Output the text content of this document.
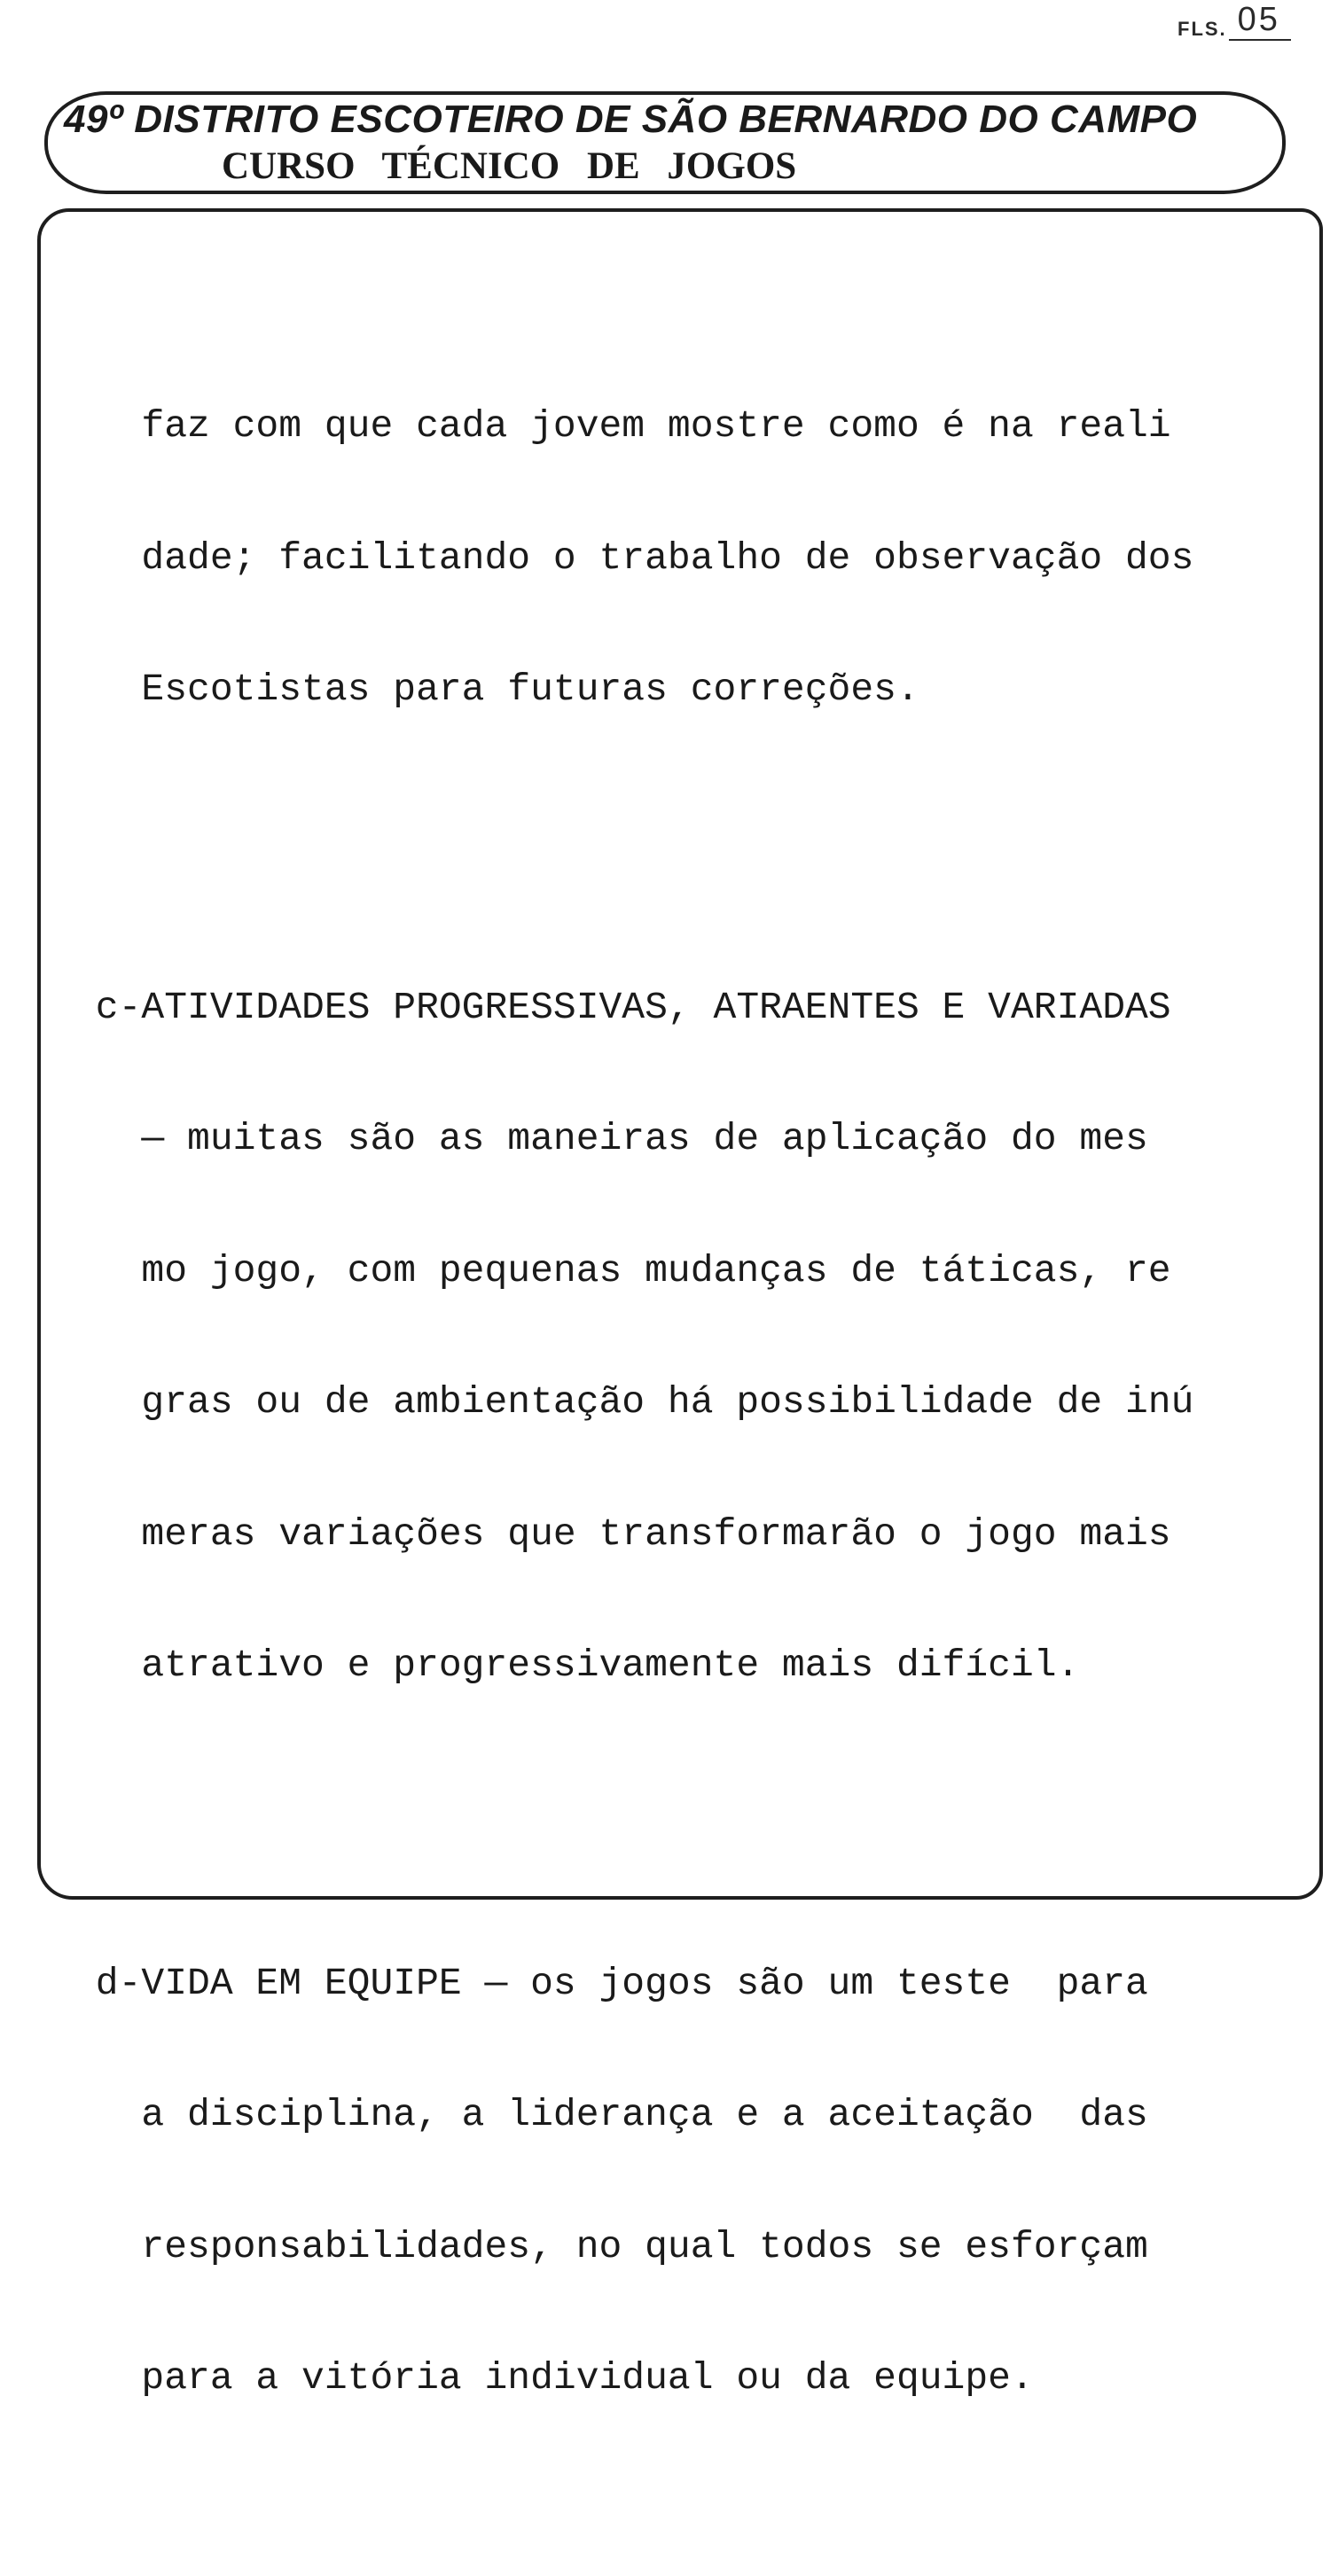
FLS. 05
49º DISTRITO ESCOTEIRO DE SÃO BERNARDO DO CAMPO
CURSO TÉCNICO DE JOGOS

faz com que cada jovem mostre como é na reali

dade; facilitando o trabalho de observação dos

Escotistas para futuras correções.

c-ATIVIDADES PROGRESSIVAS, ATRAENTES E VARIADAS

— muitas são as maneiras de aplicação do mes

mo jogo, com pequenas mudanças de táticas, re

gras ou de ambientação há possibilidade de inú

meras variações que transformarão o jogo mais

atrativo e progressivamente mais difícil.

d-VIDA EM EQUIPE — os jogos são um teste  para

a disciplina, a liderança e a aceitação  das

responsabilidades, no qual todos se esforçam

para a vitória individual ou da equipe.
